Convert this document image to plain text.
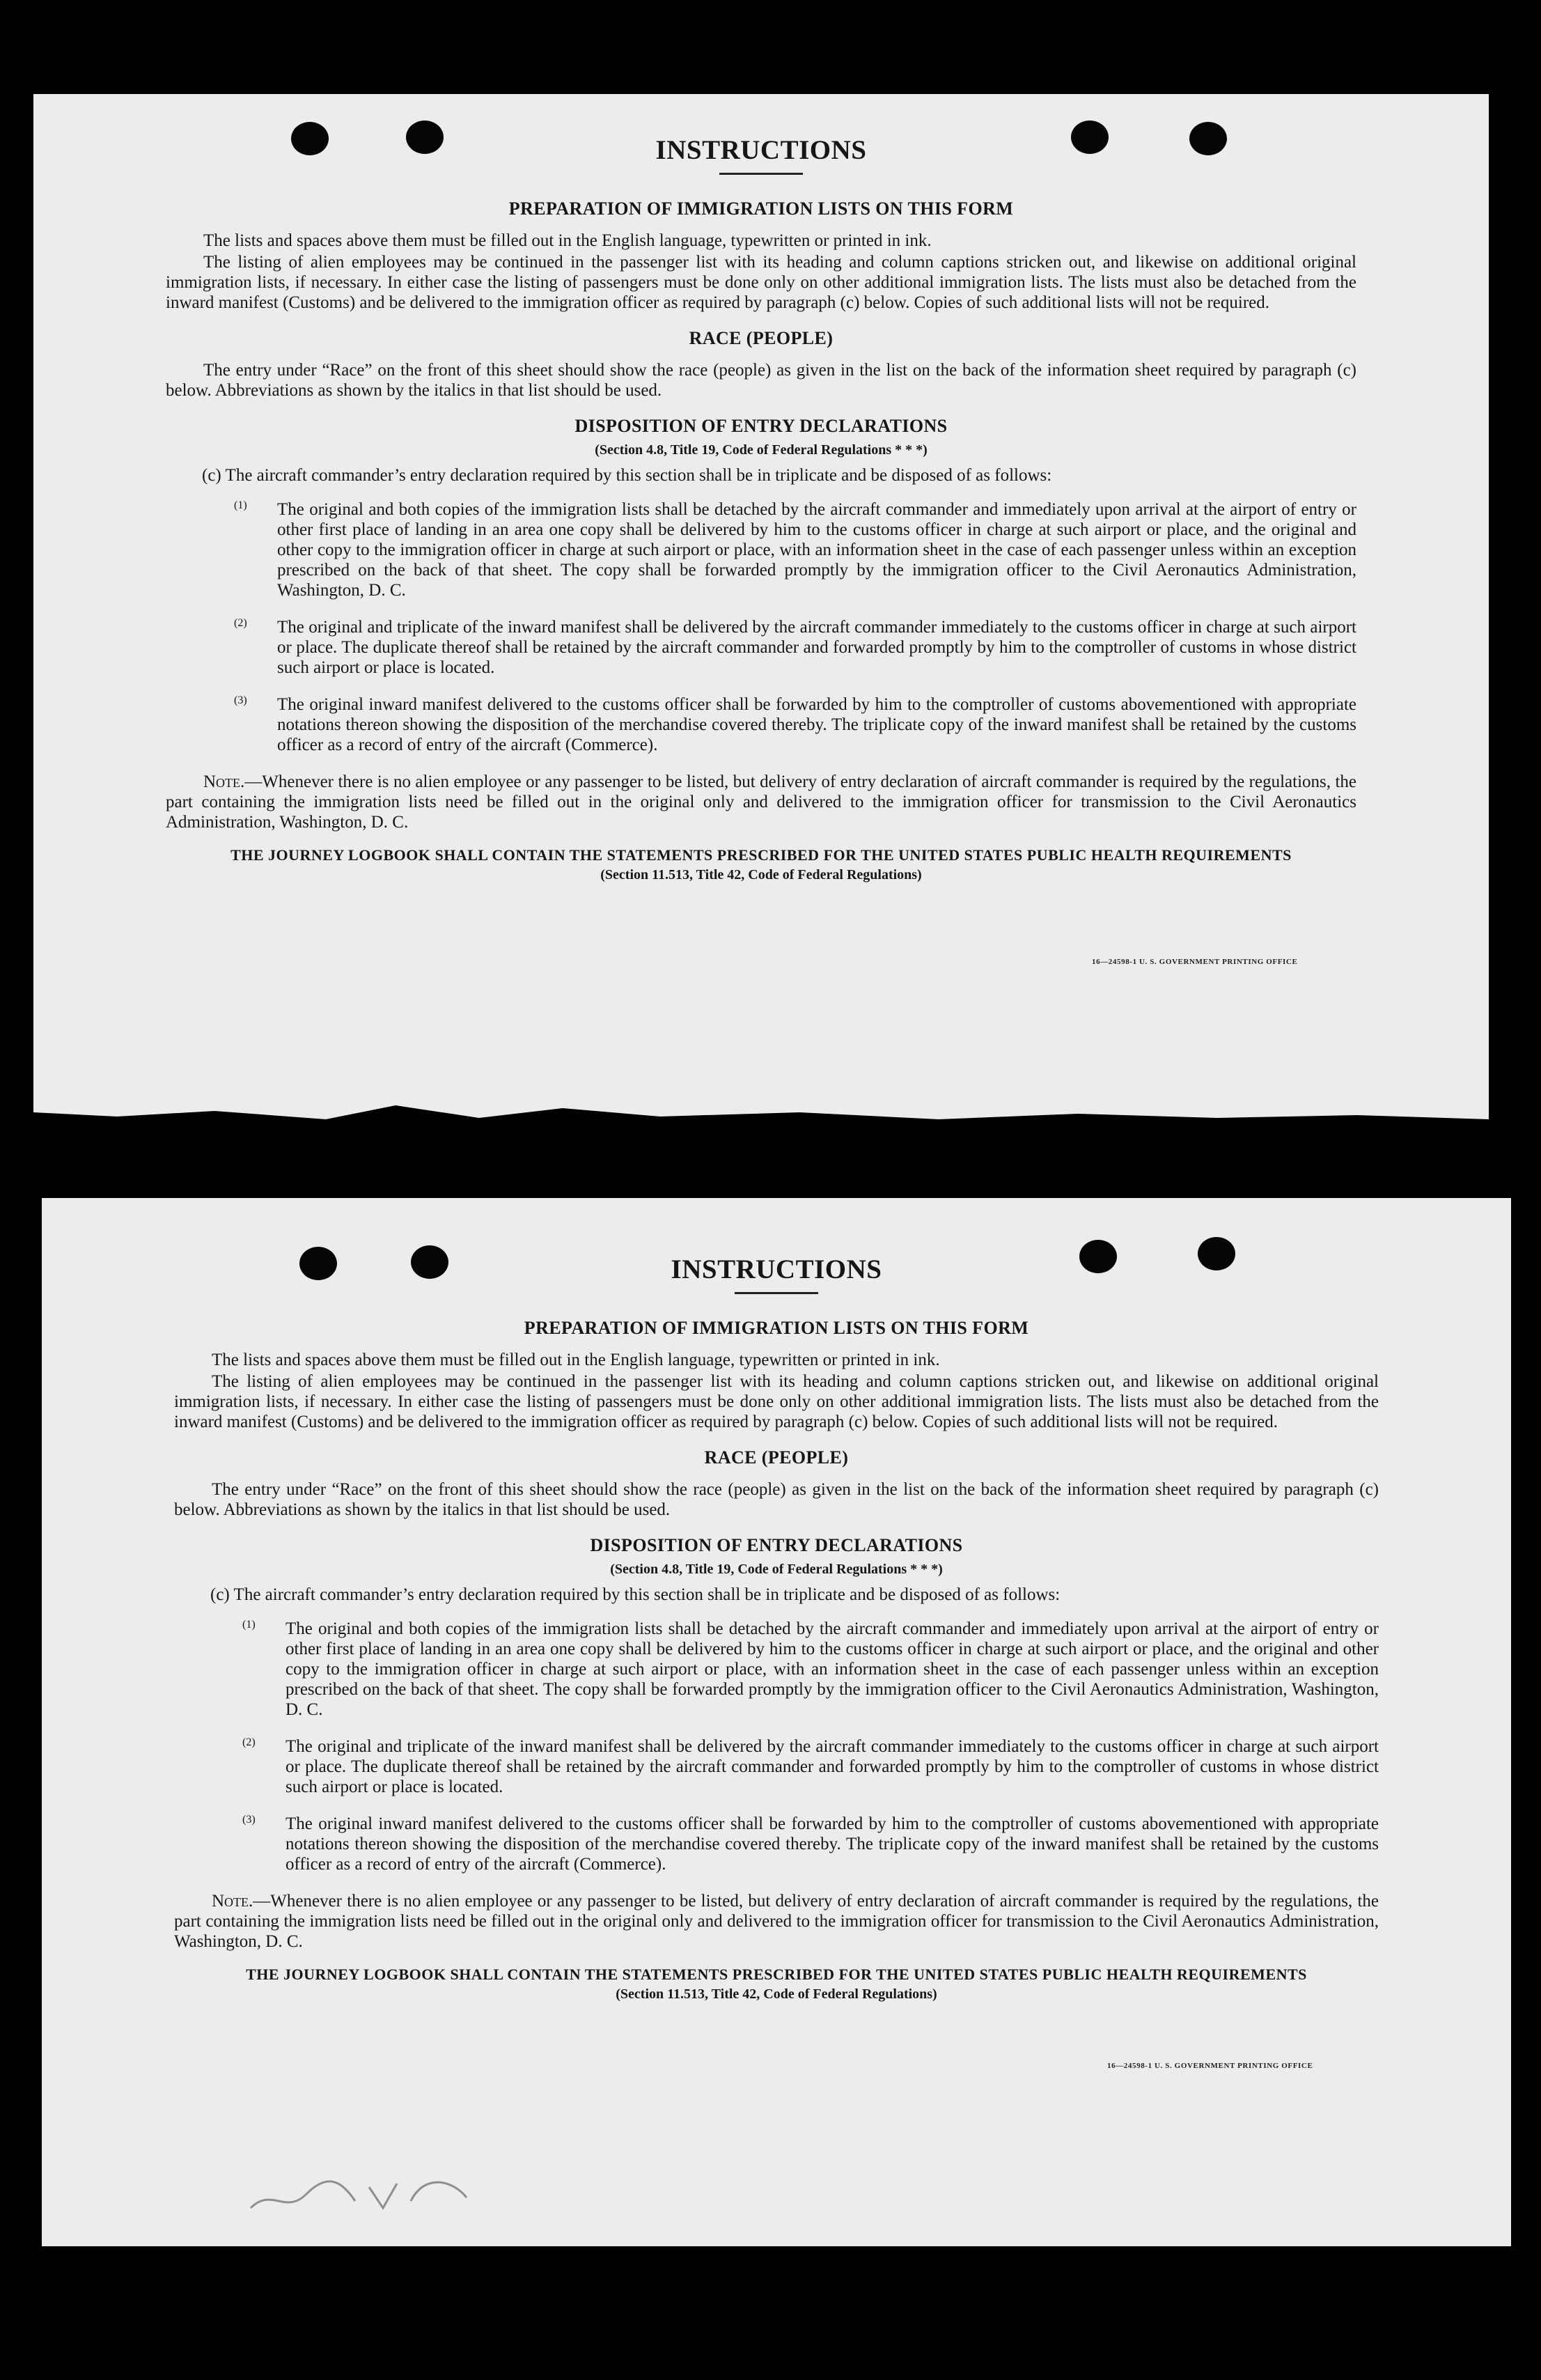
INSTRUCTIONS
PREPARATION OF IMMIGRATION LISTS ON THIS FORM

The lists and spaces above them must be filled out in the English language, typewritten or printed in ink.

The listing of alien employees may be continued in the passenger list with its heading and column captions stricken out, and likewise on additional original immigration lists, if necessary. In either case the listing of passengers must be done only on other additional immigration lists. The lists must also be detached from the inward manifest (Customs) and be delivered to the immigration officer as required by paragraph (c) below. Copies of such additional lists will not be required.

RACE (PEOPLE)

The entry under “Race” on the front of this sheet should show the race (people) as given in the list on the back of the information sheet required by paragraph (c) below. Abbreviations as shown by the italics in that list should be used.

DISPOSITION OF ENTRY DECLARATIONS
(Section 4.8, Title 19, Code of Federal Regulations * * *)

(c) The aircraft commander’s entry declaration required by this section shall be in triplicate and be disposed of as follows:

(1) The original and both copies of the immigration lists shall be detached by the aircraft commander and immediately upon arrival at the airport of entry or other first place of landing in an area one copy shall be delivered by him to the customs officer in charge at such airport or place, and the original and other copy to the immigration officer in charge at such airport or place, with an information sheet in the case of each passenger unless within an exception prescribed on the back of that sheet. The copy shall be forwarded promptly by the immigration officer to the Civil Aeronautics Administration, Washington, D. C.

(2) The original and triplicate of the inward manifest shall be delivered by the aircraft commander immediately to the customs officer in charge at such airport or place. The duplicate thereof shall be retained by the aircraft commander and forwarded promptly by him to the comptroller of customs in whose district such airport or place is located.

(3) The original inward manifest delivered to the customs officer shall be forwarded by him to the comptroller of customs abovementioned with appropriate notations thereon showing the disposition of the merchandise covered thereby. The triplicate copy of the inward manifest shall be retained by the customs officer as a record of entry of the aircraft (Commerce).

Note.—Whenever there is no alien employee or any passenger to be listed, but delivery of entry declaration of aircraft commander is required by the regulations, the part containing the immigration lists need be filled out in the original only and delivered to the immigration officer for transmission to the Civil Aeronautics Administration, Washington, D. C.

THE JOURNEY LOGBOOK SHALL CONTAIN THE STATEMENTS PRESCRIBED FOR THE UNITED STATES PUBLIC HEALTH REQUIREMENTS
(Section 11.513, Title 42, Code of Federal Regulations)
16—24598-1 U. S. GOVERNMENT PRINTING OFFICE
INSTRUCTIONS
PREPARATION OF IMMIGRATION LISTS ON THIS FORM

The lists and spaces above them must be filled out in the English language, typewritten or printed in ink.

The listing of alien employees may be continued in the passenger list with its heading and column captions stricken out, and likewise on additional original immigration lists, if necessary. In either case the listing of passengers must be done only on other additional immigration lists. The lists must also be detached from the inward manifest (Customs) and be delivered to the immigration officer as required by paragraph (c) below. Copies of such additional lists will not be required.

RACE (PEOPLE)

The entry under “Race” on the front of this sheet should show the race (people) as given in the list on the back of the information sheet required by paragraph (c) below. Abbreviations as shown by the italics in that list should be used.

DISPOSITION OF ENTRY DECLARATIONS
(Section 4.8, Title 19, Code of Federal Regulations * * *)

(c) The aircraft commander’s entry declaration required by this section shall be in triplicate and be disposed of as follows:

(1) The original and both copies of the immigration lists shall be detached by the aircraft commander and immediately upon arrival at the airport of entry or other first place of landing in an area one copy shall be delivered by him to the customs officer in charge at such airport or place, and the original and other copy to the immigration officer in charge at such airport or place, with an information sheet in the case of each passenger unless within an exception prescribed on the back of that sheet. The copy shall be forwarded promptly by the immigration officer to the Civil Aeronautics Administration, Washington, D. C.

(2) The original and triplicate of the inward manifest shall be delivered by the aircraft commander immediately to the customs officer in charge at such airport or place. The duplicate thereof shall be retained by the aircraft commander and forwarded promptly by him to the comptroller of customs in whose district such airport or place is located.

(3) The original inward manifest delivered to the customs officer shall be forwarded by him to the comptroller of customs abovementioned with appropriate notations thereon showing the disposition of the merchandise covered thereby. The triplicate copy of the inward manifest shall be retained by the customs officer as a record of entry of the aircraft (Commerce).

Note.—Whenever there is no alien employee or any passenger to be listed, but delivery of entry declaration of aircraft commander is required by the regulations, the part containing the immigration lists need be filled out in the original only and delivered to the immigration officer for transmission to the Civil Aeronautics Administration, Washington, D. C.

THE JOURNEY LOGBOOK SHALL CONTAIN THE STATEMENTS PRESCRIBED FOR THE UNITED STATES PUBLIC HEALTH REQUIREMENTS
(Section 11.513, Title 42, Code of Federal Regulations)
16—24598-1 U. S. GOVERNMENT PRINTING OFFICE
